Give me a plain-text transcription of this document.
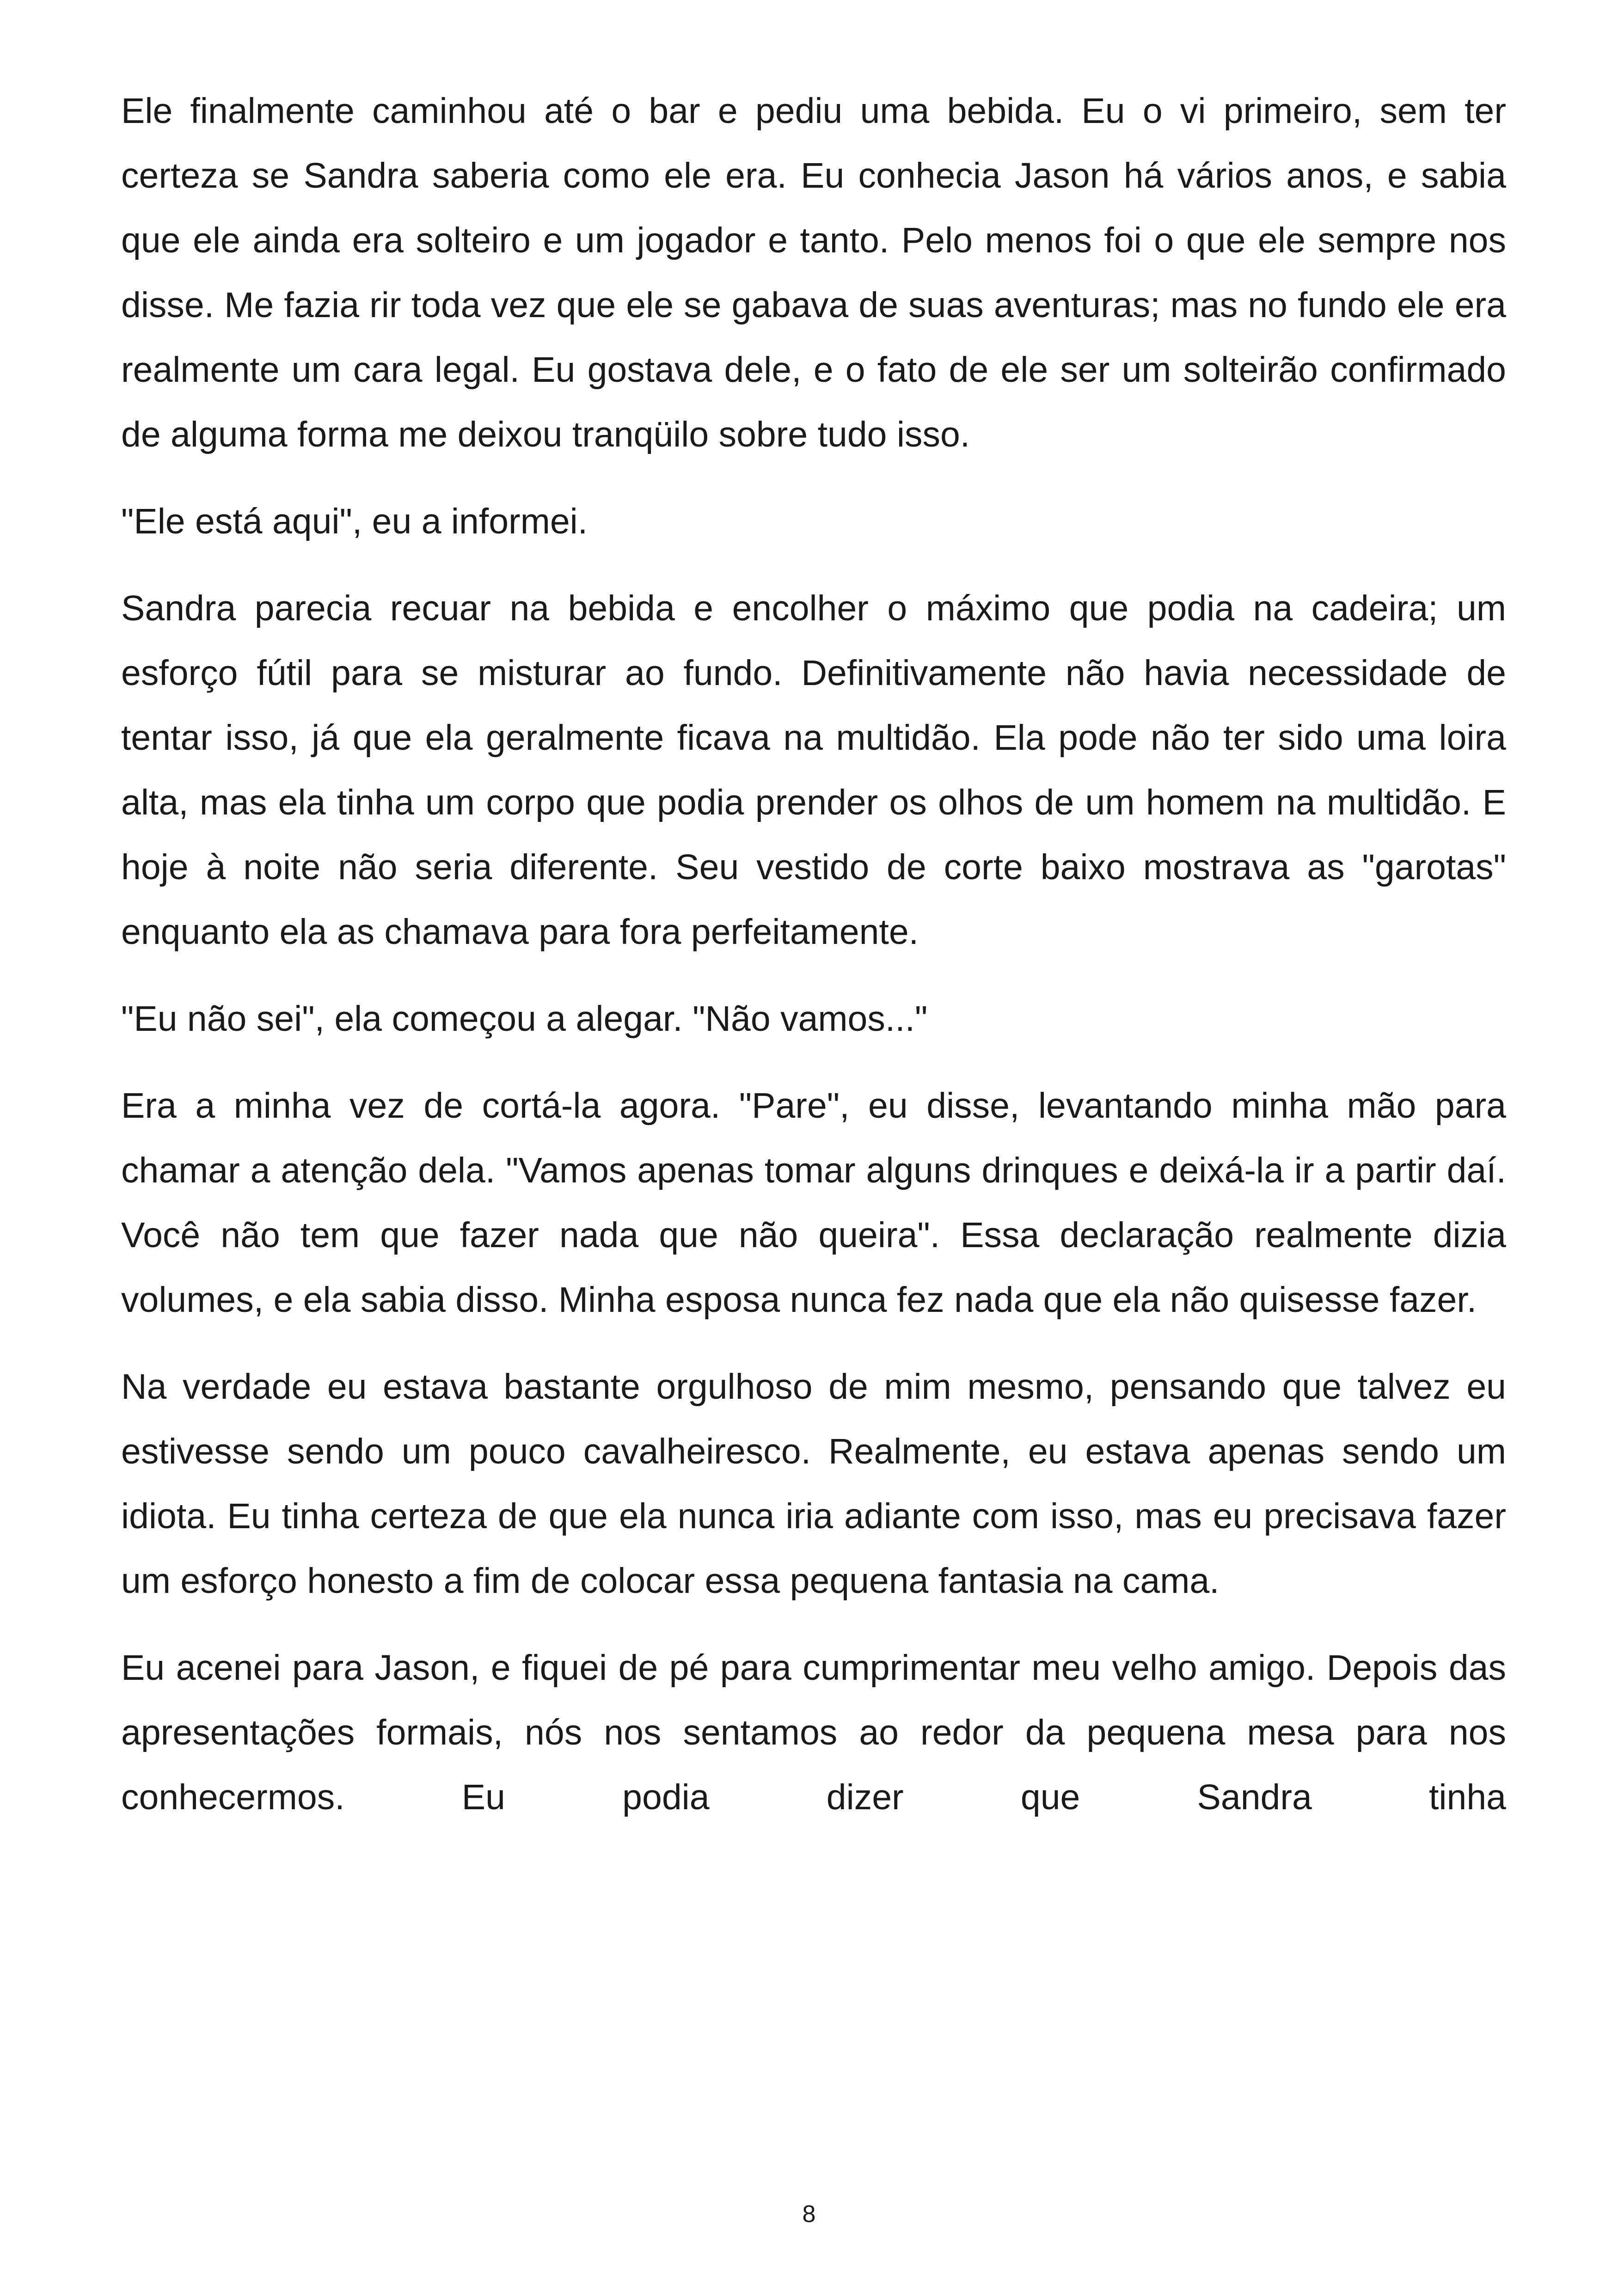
Ele finalmente caminhou até o bar e pediu uma bebida. Eu o vi primeiro, sem ter certeza se Sandra saberia como ele era. Eu conhecia Jason há vários anos, e sabia que ele ainda era solteiro e um jogador e tanto. Pelo menos foi o que ele sempre nos disse. Me fazia rir toda vez que ele se gabava de suas aventuras; mas no fundo ele era realmente um cara legal. Eu gostava dele, e o fato de ele ser um solteirão confirmado de alguma forma me deixou tranqüilo sobre tudo isso.

"Ele está aqui", eu a informei.

Sandra parecia recuar na bebida e encolher o máximo que podia na cadeira; um esforço fútil para se misturar ao fundo. Definitivamente não havia necessidade de tentar isso, já que ela geralmente ficava na multidão. Ela pode não ter sido uma loira alta, mas ela tinha um corpo que podia prender os olhos de um homem na multidão. E hoje à noite não seria diferente. Seu vestido de corte baixo mostrava as "garotas" enquanto ela as chamava para fora perfeitamente.

"Eu não sei", ela começou a alegar. "Não vamos..."

Era a minha vez de cortá-la agora. "Pare", eu disse, levantando minha mão para chamar a atenção dela. "Vamos apenas tomar alguns drinques e deixá-la ir a partir daí. Você não tem que fazer nada que não queira". Essa declaração realmente dizia volumes, e ela sabia disso. Minha esposa nunca fez nada que ela não quisesse fazer.

Na verdade eu estava bastante orgulhoso de mim mesmo, pensando que talvez eu estivesse sendo um pouco cavalheiresco. Realmente, eu estava apenas sendo um idiota. Eu tinha certeza de que ela nunca iria adiante com isso, mas eu precisava fazer um esforço honesto a fim de colocar essa pequena fantasia na cama.

Eu acenei para Jason, e fiquei de pé para cumprimentar meu velho amigo. Depois das apresentações formais, nós nos sentamos ao redor da pequena mesa para nos conhecermos. Eu podia dizer que Sandra tinha

8
